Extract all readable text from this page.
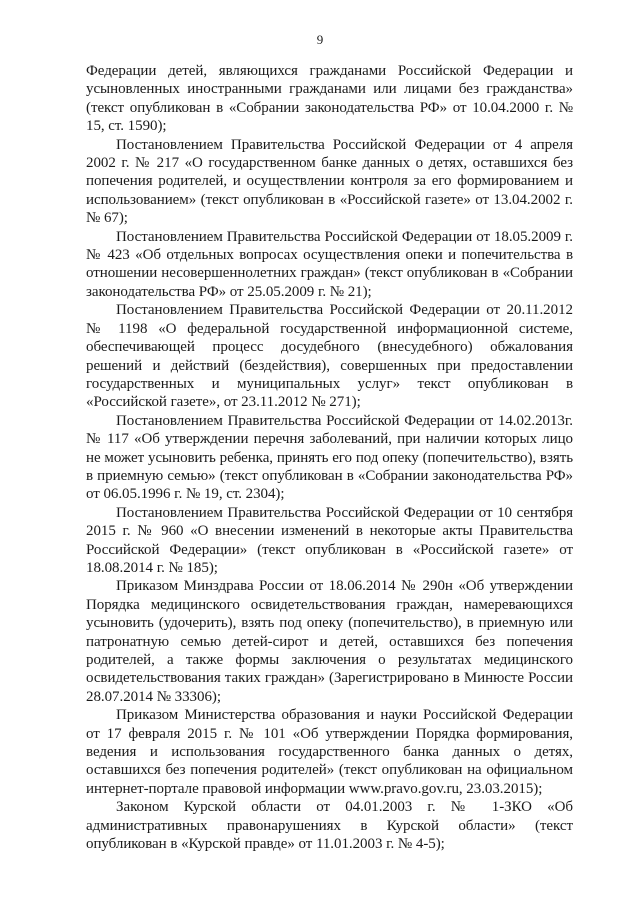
9

Федерации детей, являющихся гражданами Российской Федерации и усыновленных иностранными гражданами или лицами без гражданства» (текст опубликован в «Собрании законодательства РФ» от 10.04.2000 г. № 15, ст. 1590);

Постановлением Правительства Российской Федерации от 4 апреля 2002 г. № 217 «О государственном банке данных о детях, оставшихся без попечения родителей, и осуществлении контроля за его формированием и использованием» (текст опубликован в «Российской газете» от 13.04.2002 г. № 67);

Постановлением Правительства Российской Федерации от 18.05.2009 г. № 423 «Об отдельных вопросах осуществления опеки и попечительства в отношении несовершеннолетних граждан» (текст опубликован в «Собрании законодательства РФ» от 25.05.2009 г. № 21);

Постановлением Правительства Российской Федерации от 20.11.2012 № 1198 «О федеральной государственной информационной системе, обеспечивающей процесс досудебного (внесудебного) обжалования решений и действий (бездействия), совершенных при предоставлении государственных и муниципальных услуг» текст опубликован в «Российской газете», от 23.11.2012 № 271);

Постановлением Правительства Российской Федерации от 14.02.2013г. № 117 «Об утверждении перечня заболеваний, при наличии которых лицо не может усыновить ребенка, принять его под опеку (попечительство), взять в приемную семью» (текст опубликован в «Собрании законодательства РФ» от 06.05.1996 г. № 19, ст. 2304);

Постановлением Правительства Российской Федерации от 10 сентября 2015 г. № 960 «О внесении изменений в некоторые акты Правительства Российской Федерации» (текст опубликован в «Российской газете» от 18.08.2014 г. № 185);

Приказом Минздрава России от 18.06.2014 № 290н «Об утверждении Порядка медицинского освидетельствования граждан, намеревающихся усыновить (удочерить), взять под опеку (попечительство), в приемную или патронатную семью детей-сирот и детей, оставшихся без попечения родителей, а также формы заключения о результатах медицинского освидетельствования таких граждан» (Зарегистрировано в Минюсте России 28.07.2014 № 33306);

Приказом Министерства образования и науки Российской Федерации от 17 февраля 2015 г. № 101 «Об утверждении Порядка формирования, ведения и использования государственного банка данных о детях, оставшихся без попечения родителей» (текст опубликован на официальном интернет-портале правовой информации www.pravo.gov.ru, 23.03.2015);

Законом Курской области от 04.01.2003 г. № 1-ЗКО «Об административных правонарушениях в Курской области» (текст опубликован в «Курской правде» от 11.01.2003 г. № 4-5);
